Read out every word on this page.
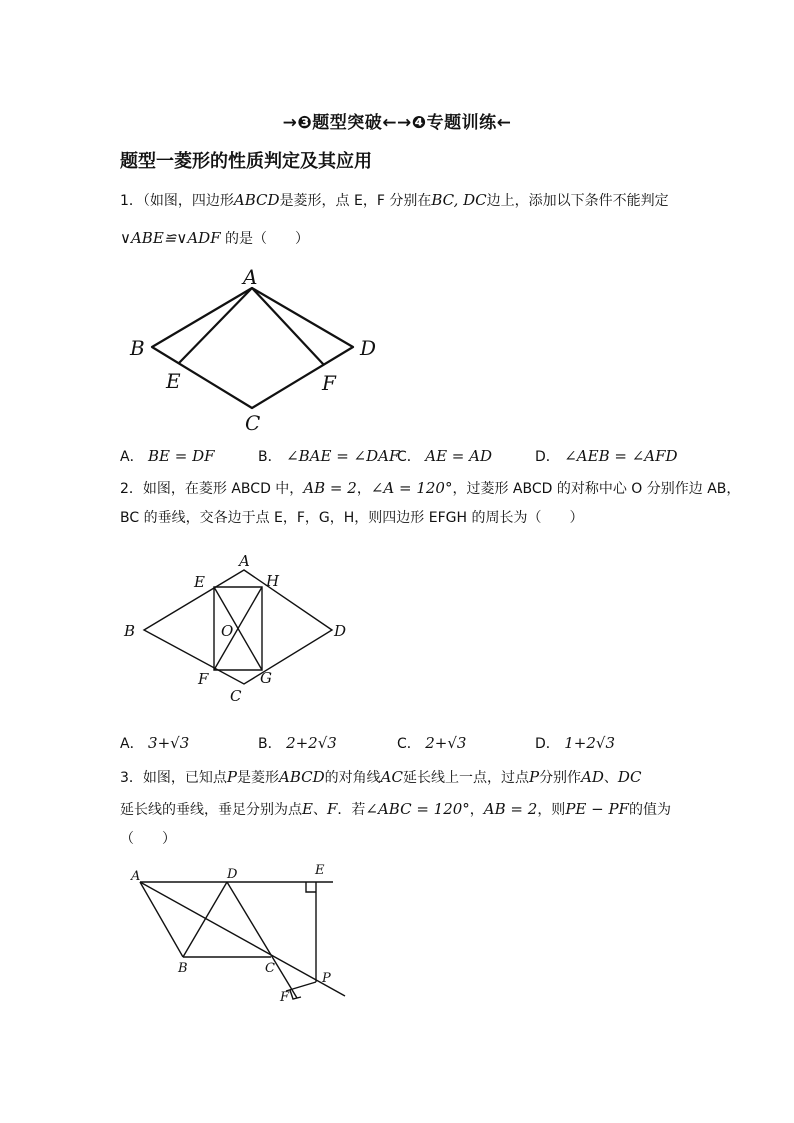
→❸题型突破←→❹专题训练←
题型一菱形的性质判定及其应用
1．（如图，四边形ABCD是菱形，点 E，F 分别在BC, DC边上，添加以下条件不能判定
∨ABE≌∨ADF 的是（　　）
A
B
C
D
E	F
A． BE = DF	B． ∠BAE = ∠DAF
C． AE = AD	D． ∠AEB = ∠AFD
2．如图，在菱形 ABCD 中，AB = 2，∠A = 120°，过菱形 ABCD 的对称中心 O 分别作边 AB，
BC 的垂线，交各边于点 E，F，G，H，则四边形 EFGH 的周长为（　　）
A
B
C
D
E	H
F	G
O
A． 3+√3	B． 2+2√3	C． 2+√3	D． 1+2√3
3．如图，已知点P是菱形ABCD的对角线AC延长线上一点，过点P分别作AD、DC
延长线的垂线，垂足分别为点E、F．若∠ABC = 120°，AB = 2，则PE − PF的值为
（　　）
A	D	E
B	C
P
F
